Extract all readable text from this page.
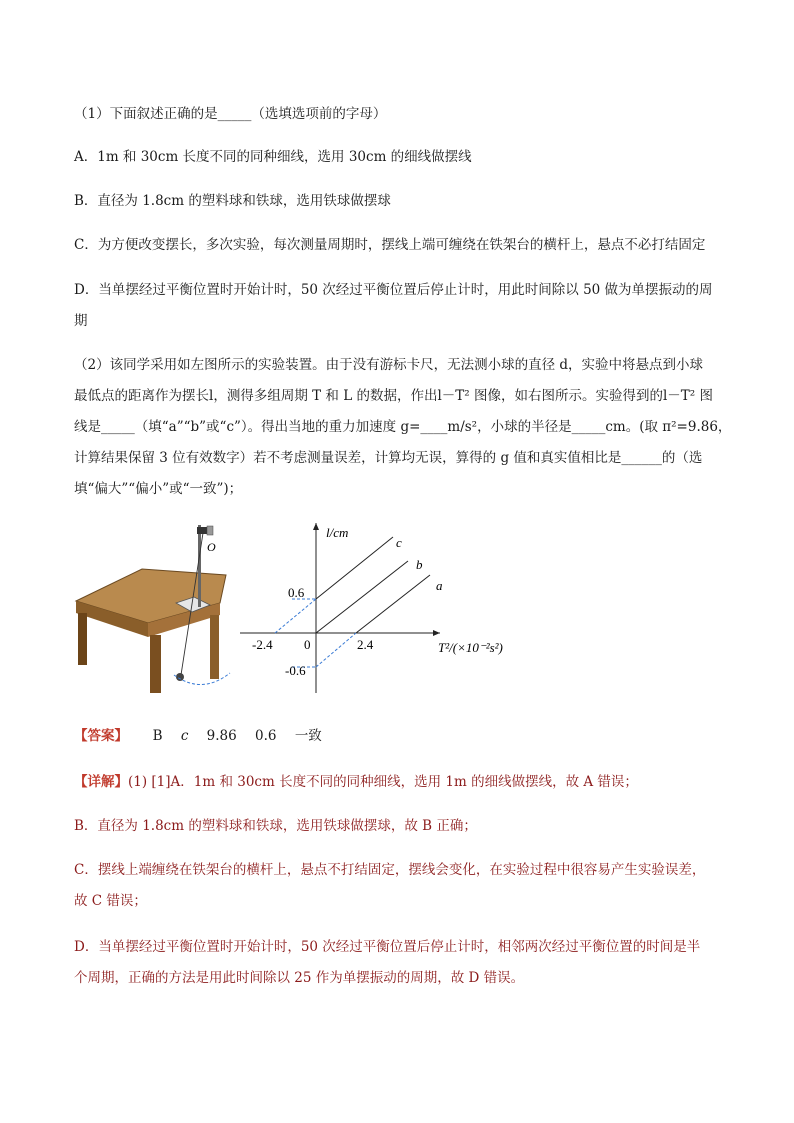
（1）下面叙述正确的是_____（选填选项前的字母）
A．1m 和 30cm 长度不同的同种细线，选用 30cm 的细线做摆线
B．直径为 1.8cm 的塑料球和铁球，选用铁球做摆球
C．为方便改变摆长，多次实验，每次测量周期时，摆线上端可缠绕在铁架台的横杆上，悬点不必打结固定
D．当单摆经过平衡位置时开始计时，50 次经过平衡位置后停止计时，用此时间除以 50 做为单摆振动的周
期
（2）该同学采用如左图所示的实验装置。由于没有游标卡尺，无法测小球的直径 d，实验中将悬点到小球
最低点的距离作为摆长l，测得多组周期 T 和 L 的数据，作出l－T² 图像，如右图所示。实验得到的l－T² 图
线是_____（填“a”“b”或“c”）。得出当地的重力加速度 g=____m/s²，小球的半径是_____cm。(取 π²=9.86，
计算结果保留 3 位有效数字）若不考虑测量误差，计算均无误，算得的 g 值和真实值相比是______的（选
填“偏大”“偏小”或“一致”)；
O
l/cm
c
b
a
0.6
-2.4 0	2.4	T²/(×10⁻²s²)
-0.6
【答案】 B c 9.86 0.6 一致
【详解】(1) [1]A．1m 和 30cm 长度不同的同种细线，选用 1m 的细线做摆线，故 A 错误；
B．直径为 1.8cm 的塑料球和铁球，选用铁球做摆球，故 B 正确；
C．摆线上端缠绕在铁架台的横杆上，悬点不打结固定，摆线会变化，在实验过程中很容易产生实验误差，
故 C 错误；
D．当单摆经过平衡位置时开始计时，50 次经过平衡位置后停止计时，相邻两次经过平衡位置的时间是半
个周期，正确的方法是用此时间除以 25 作为单摆振动的周期，故 D 错误。
